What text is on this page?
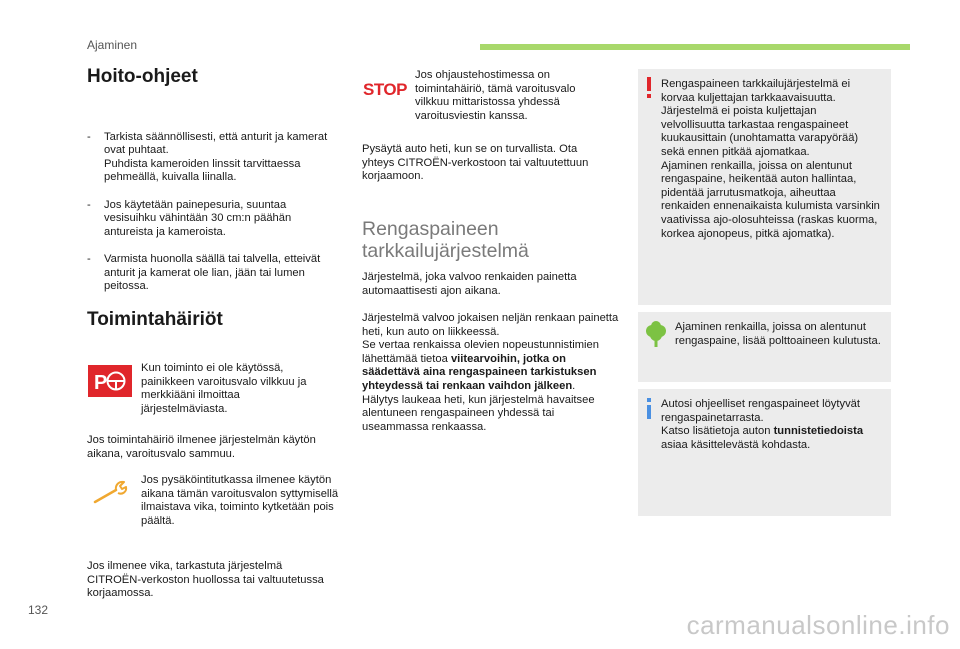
Ajaminen
Hoito-ohjeet

- Tarkista säännöllisesti, että anturit ja kamerat ovat puhtaat.
Puhdista kameroiden linssit tarvittaessa pehmeällä, kuivalla liinalla.

- Jos käytetään painepesuria, suuntaa vesisuihku vähintään 30 cm:n päähän antureista ja kameroista.

- Varmista huonolla säällä tai talvella, etteivät anturit ja kamerat ole lian, jään tai lumen peitossa.

Toimintahäiriöt
P
Kun toiminto ei ole käytössä, painikkeen varoitusvalo vilkkuu ja merkkiääni ilmoittaa järjestelmäviasta.
Jos toimintahäiriö ilmenee järjestelmän käytön aikana, varoitusvalo sammuu.
Jos pysäköintitutkassa ilmenee käytön aikana tämän varoitusvalon syttymisellä ilmaistava vika, toiminto kytketään pois päältä.
Jos ilmenee vika, tarkastuta järjestelmä CITROËN-verkoston huollossa tai valtuutetussa korjaamossa.
STOP
Jos ohjaustehostimessa on toimintahäiriö, tämä varoitusvalo vilkkuu mittaristossa yhdessä varoitusviestin kanssa.
Pysäytä auto heti, kun se on turvallista. Ota yhteys CITROËN-verkostoon tai valtuutettuun korjaamoon.
Rengaspaineen
tarkkailujärjestelmä
Järjestelmä, joka valvoo renkaiden painetta automaattisesti ajon aikana.
Järjestelmä valvoo jokaisen neljän renkaan painetta heti, kun auto on liikkeessä.
Se vertaa renkaissa olevien nopeustunnistimien lähettämää tietoa viitearvoihin, jotka on säädettävä aina rengaspaineen tarkistuksen yhteydessä tai renkaan vaihdon jälkeen.
Hälytys laukeaa heti, kun järjestelmä havaitsee alentuneen rengaspaineen yhdessä tai useammassa renkaassa.
Rengaspaineen tarkkailujärjestelmä ei korvaa kuljettajan tarkkaavaisuutta.
Järjestelmä ei poista kuljettajan velvollisuutta tarkastaa rengaspaineet kuukausittain (unohtamatta varapyörää) sekä ennen pitkää ajomatkaa.
Ajaminen renkailla, joissa on alentunut rengaspaine, heikentää auton hallintaa, pidentää jarrutusmatkoja, aiheuttaa renkaiden ennenaikaista kulumista varsinkin vaativissa ajo-olosuhteissa (raskas kuorma, korkea ajonopeus, pitkä ajomatka).
Ajaminen renkailla, joissa on alentunut rengaspaine, lisää polttoaineen kulutusta.
Autosi ohjeelliset rengaspaineet löytyvät rengaspainetarrasta.
Katso lisätietoja auton tunnistetiedoista asiaa käsittelevästä kohdasta.
132	carmanualsonline.info
